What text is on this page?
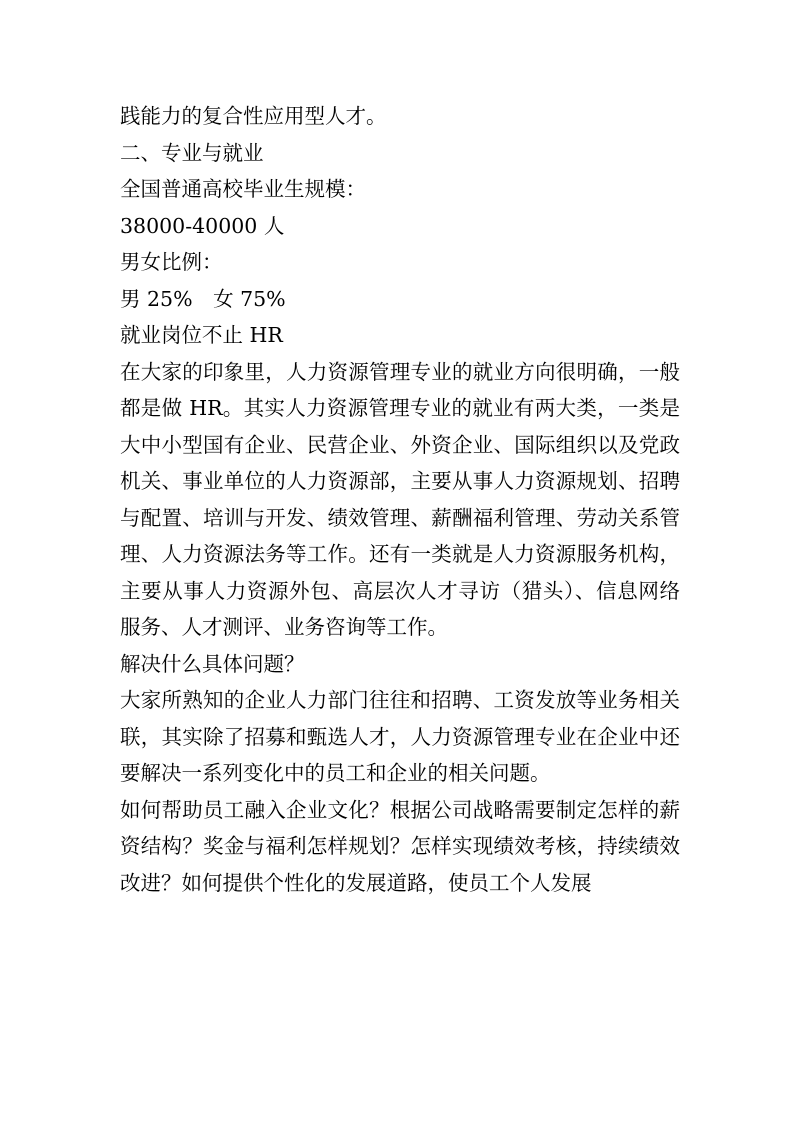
践能力的复合性应用型人才。
二、专业与就业
全国普通高校毕业生规模：
38000-40000 人
男女比例：
男 25%　女 75%
就业岗位不止 HR

在大家的印象里，人力资源管理专业的就业方向很明确，一般都是做 HR。其实人力资源管理专业的就业有两大类，一类是大中小型国有企业、民营企业、外资企业、国际组织以及党政机关、事业单位的人力资源部，主要从事人力资源规划、招聘与配置、培训与开发、绩效管理、薪酬福利管理、劳动关系管理、人力资源法务等工作。还有一类就是人力资源服务机构，主要从事人力资源外包、高层次人才寻访（猎头）、信息网络服务、人才测评、业务咨询等工作。

解决什么具体问题？

大家所熟知的企业人力部门往往和招聘、工资发放等业务相关联，其实除了招募和甄选人才，人力资源管理专业在企业中还要解决一系列变化中的员工和企业的相关问题。

如何帮助员工融入企业文化？根据公司战略需要制定怎样的薪资结构？奖金与福利怎样规划？怎样实现绩效考核，持续绩效改进？如何提供个性化的发展道路，使员工个人发展
